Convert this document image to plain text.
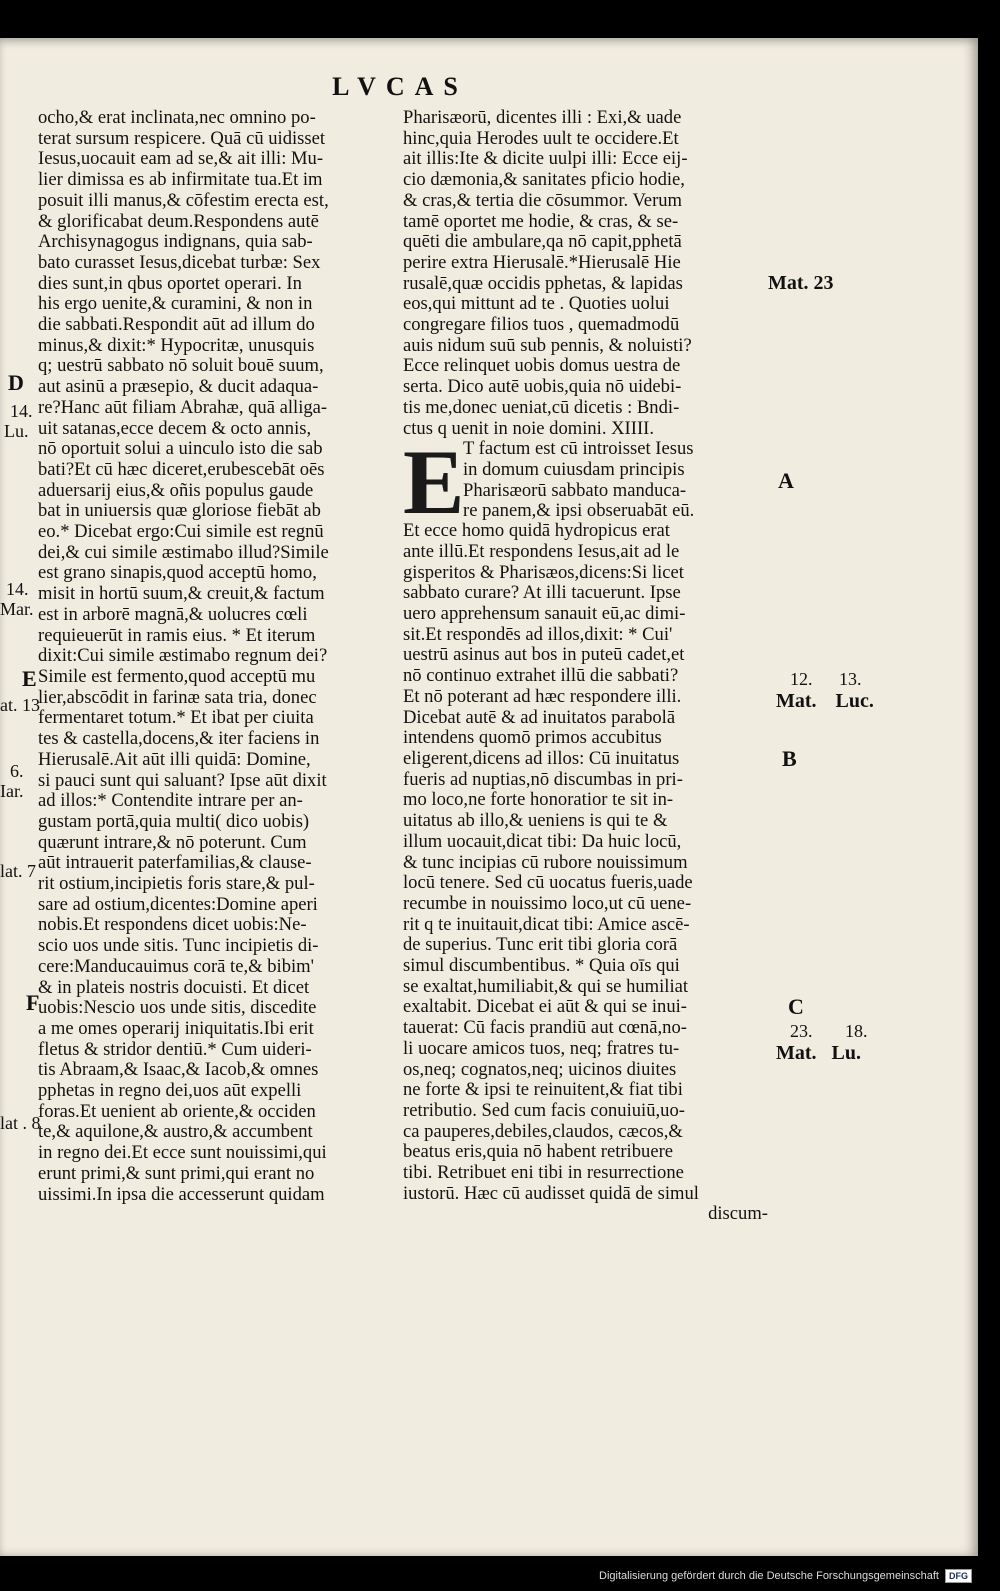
LVCAS
ocho,& erat inclinata,nec omnino po-
terat sursum respicere. Quā cū uidisset
Iesus,uocauit eam ad se,& ait illi: Mu-
lier dimissa es ab infirmitate tua.Et im
posuit illi manus,& cōfestim erecta est,
& glorificabat deum.Respondens autē
Archisynagogus indignans, quia sab-
bato curasset Iesus,dicebat turbæ: Sex
dies sunt,in qbus oportet operari. In
his ergo uenite,& curamini, & non in
die sabbati.Respondit aūt ad illum do
minus,& dixit:* Hypocritæ, unusquis
q; uestrū sabbato nō soluit bouē suum,
aut asinū a præsepio, & ducit adaqua-
re?Hanc aūt filiam Abrahæ, quā alliga-
uit satanas,ecce decem & octo annis,
nō oportuit solui a uinculo isto die sab
bati?Et cū hæc diceret,erubescebāt oēs
aduersarij eius,& oñis populus gaude
bat in uniuersis quæ gloriose fiebāt ab
eo.* Dicebat ergo:Cui simile est regnū
dei,& cui simile æstimabo illud?Simile
est grano sinapis,quod acceptū homo,
misit in hortū suum,& creuit,& factum
est in arborē magnā,& uolucres cœli
requieuerūt in ramis eius. * Et iterum
dixit:Cui simile æstimabo regnum dei?
Simile est fermento,quod acceptū mu
lier,abscōdit in farinæ sata tria, donec
fermentaret totum.* Et ibat per ciuita
tes & castella,docens,& iter faciens in
Hierusalē.Ait aūt illi quidā: Domine,
si pauci sunt qui saluant? Ipse aūt dixit
ad illos:* Contendite intrare per an-
gustam portā,quia multi( dico uobis)
quærunt intrare,& nō poterunt. Cum
aūt intrauerit paterfamilias,& clause-
rit ostium,incipietis foris stare,& pul-
sare ad ostium,dicentes:Domine aperi
nobis.Et respondens dicet uobis:Ne-
scio uos unde sitis. Tunc incipietis di-
cere:Manducauimus corā te,& bibim'
& in plateis nostris docuisti. Et dicet
uobis:Nescio uos unde sitis, discedite
a me omes operarij iniquitatis.Ibi erit
fletus & stridor dentiū.* Cum uideri-
tis Abraam,& Isaac,& Iacob,& omnes
pphetas in regno dei,uos aūt expelli
foras.Et uenient ab oriente,& occiden
te,& aquilone,& austro,& accumbent
in regno dei.Et ecce sunt nouissimi,qui
erunt primi,& sunt primi,qui erant no
uissimi.In ipsa die accesserunt quidam
Pharisæorū, dicentes illi : Exi,& uade
hinc,quia Herodes uult te occidere.Et
ait illis:Ite & dicite uulpi illi: Ecce eij-
cio dæmonia,& sanitates pficio hodie,
& cras,& tertia die cōsummor. Verum
tamē oportet me hodie, & cras, & se-
quēti die ambulare,qa nō capit,pphetā
perire extra Hierusalē.*Hierusalē Hie
rusalē,quæ occidis pphetas, & lapidas
eos,qui mittunt ad te . Quoties uolui
congregare filios tuos , quemadmodū
auis nidum suū sub pennis, & noluisti?
Ecce relinquet uobis domus uestra de
serta. Dico autē uobis,quia nō uidebi-
tis me,donec ueniat,cū dicetis : Bndi-
ctus q uenit in noie domini. XIIII.
E
T factum est cū introisset Iesus
in domum cuiusdam principis
Pharisæorū sabbato manduca-
re panem,& ipsi obseruabāt eū.
Et ecce homo quidā hydropicus erat
ante illū.Et respondens Iesus,ait ad le
gisperitos & Pharisæos,dicens:Si licet
sabbato curare? At illi tacuerunt. Ipse
uero apprehensum sanauit eū,ac dimi-
sit.Et respondēs ad illos,dixit: * Cui'
uestrū asinus aut bos in puteū cadet,et
nō continuo extrahet illū die sabbati?
Et nō poterant ad hæc respondere illi.
Dicebat autē & ad inuitatos parabolā
intendens quomō primos accubitus
eligerent,dicens ad illos: Cū inuitatus
fueris ad nuptias,nō discumbas in pri-
mo loco,ne forte honoratior te sit in-
uitatus ab illo,& ueniens is qui te &
illum uocauit,dicat tibi: Da huic locū,
& tunc incipias cū rubore nouissimum
locū tenere. Sed cū uocatus fueris,uade
recumbe in nouissimo loco,ut cū uene-
rit q te inuitauit,dicat tibi: Amice ascē-
de superius. Tunc erit tibi gloria corā
simul discumbentibus. * Quia oīs qui
se exaltat,humiliabit,& qui se humiliat
exaltabit. Dicebat ei aūt & qui se inui-
tauerat: Cū facis prandiū aut cœnā,no-
li uocare amicos tuos, neq; fratres tu-
os,neq; cognatos,neq; uicinos diuites
ne forte & ipsi te reinuitent,& fiat tibi
retributio. Sed cum facis conuiuiū,uo-
ca pauperes,debiles,claudos, cæcos,&
beatus eris,quia nō habent retribuere
tibi. Retribuet eni tibi in resurrectione
iustorū. Hæc cū audisset quidā de simul
discum-
D
14.
Lu.
14.
Mar.
E
at. 13
6.
Iar.
lat. 7
F
lat . 8
Mat. 23
A
12. 13.
Mat. Luc.
B
C
23. 18.
Mat. Lu.
Digitalisierung gefördert durch die Deutsche Forschungsgemeinschaft	DFG
